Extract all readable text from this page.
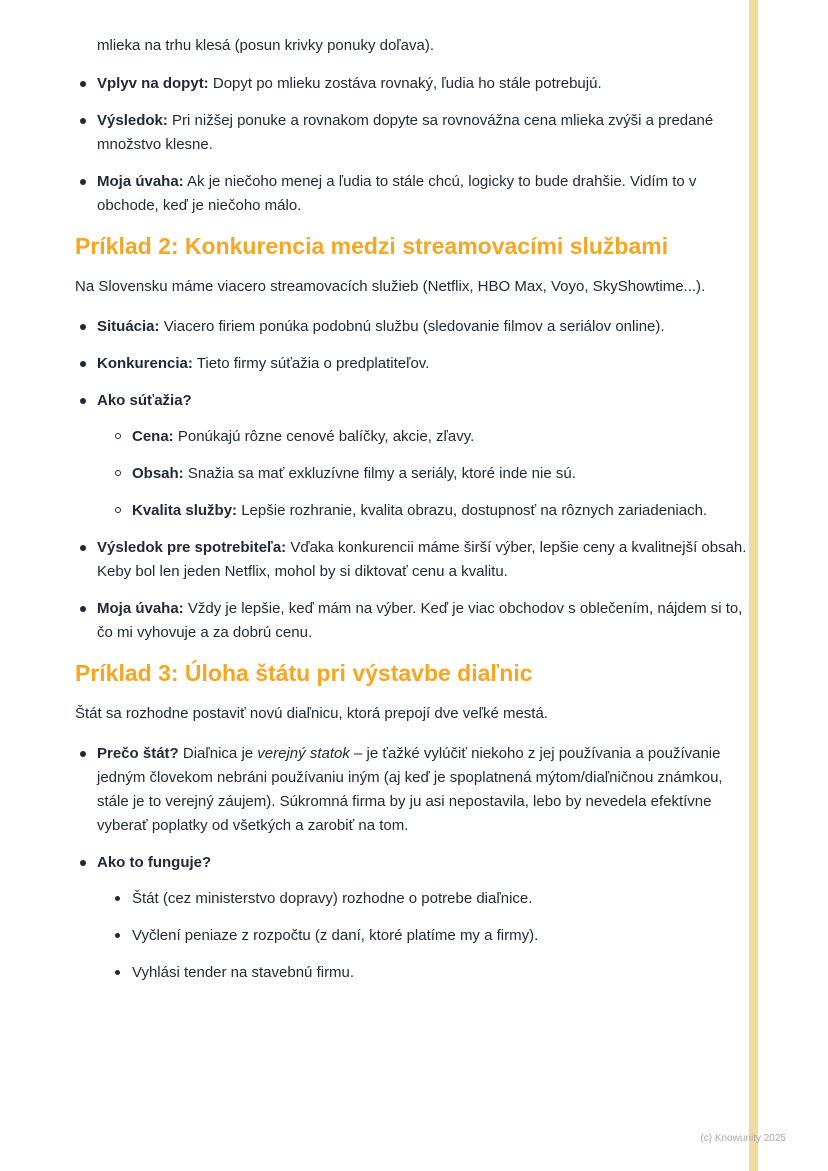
mlieka na trhu klesá (posun krivky ponuky doľava).

Vplyv na dopyt: Dopyt po mlieku zostáva rovnaký, ľudia ho stále potrebujú.
Výsledok: Pri nižšej ponuke a rovnakom dopyte sa rovnovážna cena mlieka zvýši a predané množstvo klesne.
Moja úvaha: Ak je niečoho menej a ľudia to stále chcú, logicky to bude drahšie. Vidím to v obchode, keď je niečoho málo.
Príklad 2: Konkurencia medzi streamovacími službami

Na Slovensku máme viacero streamovacích služieb (Netflix, HBO Max, Voyo, SkyShowtime...).

Situácia: Viacero firiem ponúka podobnú službu (sledovanie filmov a seriálov online).
Konkurencia: Tieto firmy súťažia o predplatiteľov.
Ako súťažia?
Cena: Ponúkajú rôzne cenové balíčky, akcie, zľavy.
Obsah: Snažia sa mať exkluzívne filmy a seriály, ktoré inde nie sú.
Kvalita služby: Lepšie rozhranie, kvalita obrazu, dostupnosť na rôznych zariadeniach.
Výsledok pre spotrebiteľa: Vďaka konkurencii máme širší výber, lepšie ceny a kvalitnejší obsah. Keby bol len jeden Netflix, mohol by si diktovať cenu a kvalitu.
Moja úvaha: Vždy je lepšie, keď mám na výber. Keď je viac obchodov s oblečením, nájdem si to, čo mi vyhovuje a za dobrú cenu.
Príklad 3: Úloha štátu pri výstavbe diaľnic

Štát sa rozhodne postaviť novú diaľnicu, ktorá prepojí dve veľké mestá.

Prečo štát? Diaľnica je verejný statok – je ťažké vylúčiť niekoho z jej používania a používanie jedným človekom nebráni používaniu iným (aj keď je spoplatnená mýtom/diaľničnou známkou, stále je to verejný záujem). Súkromná firma by ju asi nepostavila, lebo by nevedela efektívne vyberať poplatky od všetkých a zarobiť na tom.
Ako to funguje?
Štát (cez ministerstvo dopravy) rozhodne o potrebe diaľnice.
Vyčlení peniaze z rozpočtu (z daní, ktoré platíme my a firmy).
Vyhlási tender na stavebnú firmu.
(c) Knowunity 2025
